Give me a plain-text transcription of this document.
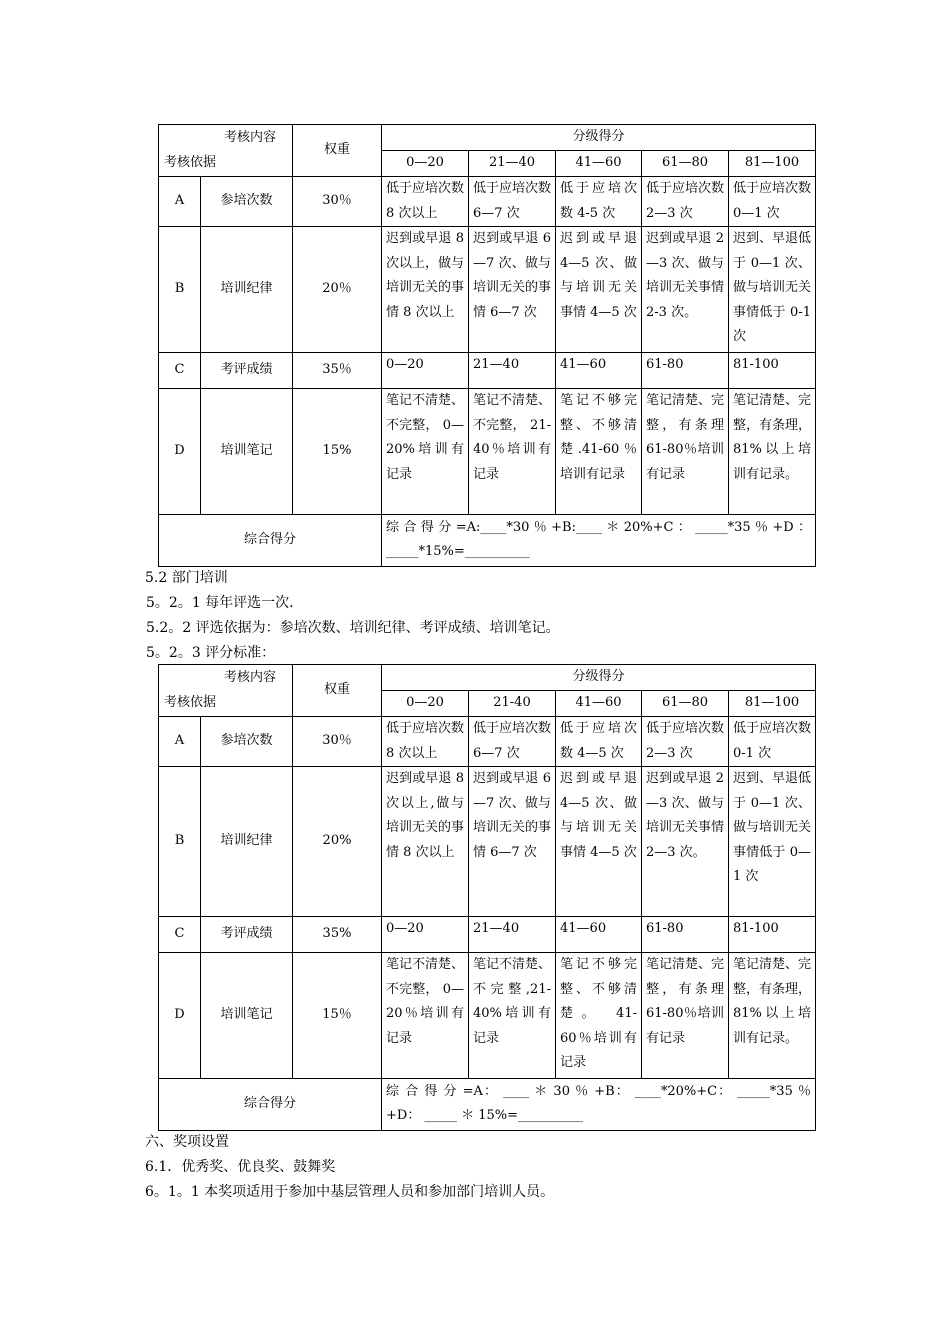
考核内容
考核依据		权重	分级得分				
			0—20	21—40	41—60	61—80	81—100
A	参培次数	30％	低于应培次数 8 次以上	低于应培次数 6—7 次	低于应培次数 4-5 次	低于应培次数 2—3 次	低于应培次数 0—1 次
B	培训纪律	20％	迟到或早退 8 次以上，做与培训无关的事情 8 次以上	迟到或早退 6—7 次、做与培训无关的事情 6—7 次	迟到或早退 4—5 次、做与培训无关事情 4—5 次	迟到或早退 2—3 次、做与培训无关事情 2-3 次。	迟到、早退低于 0—1 次、做与培训无关事情低于 0-1 次
C	考评成绩	35％	0—20	21—40	41—60	61-80	81-100
D	培训笔记	15%	笔记不清楚、不完整， 0—20%培训有记录	笔记不清楚、不完整， 21-40％培训有记录	笔记不够完整、不够清楚.41-60％培训有记录	笔记清楚、完整，有条理 61-80％培训有记录	笔记清楚、完整，有条理，81%以上培训有记录。
综合得分			综 合 得 分 =A:____*30 ％ +B:____ ＊ 20%+C ： _____*35 ％ +D ： _____*15%=__________				
5.2 部门培训
5。2。1 每年评选一次.
5.2。2 评选依据为：参培次数、培训纪律、考评成绩、培训笔记。
5。2。3 评分标准：
考核内容
考核依据		权重	分级得分				
			0—20	21-40	41—60	61—80	81—100
A	参培次数	30％	低于应培次数 8 次以上	低于应培次数 6—7 次	低于应培次数 4—5 次	低于应培次数 2—3 次	低于应培次数 0-1 次
B	培训纪律	20%	迟到或早退 8 次以上,做与培训无关的事情 8 次以上	迟到或早退 6—7 次、做与培训无关的事情 6—7 次	迟到或早退 4—5 次、做与培训无关事情 4—5 次	迟到或早退 2—3 次、做与培训无关事情 2—3 次。	迟到、早退低于 0—1 次、做与培训无关事情低于 0—1 次
C	考评成绩	35%	0—20	21—40	41—60	61-80	81-100
D	培训笔记	15％	笔记不清楚、不完整， 0—20％培训有记录	笔记不清楚、不完整,21-40%培训有记录	笔记不够完整、不够清楚。 41-60％培训有记录	笔记清楚、完整，有条理 61-80％培训有记录	笔记清楚、完整，有条理， 81%以上培训有记录。
综合得分			综 合 得 分 =A： ____ ＊ 30 ％ +B： ____*20%+C： _____*35 ％ +D： _____ ＊ 15%=__________				
六、奖项设置
6.1．优秀奖、优良奖、鼓舞奖
6。1。1 本奖项适用于参加中基层管理人员和参加部门培训人员。
